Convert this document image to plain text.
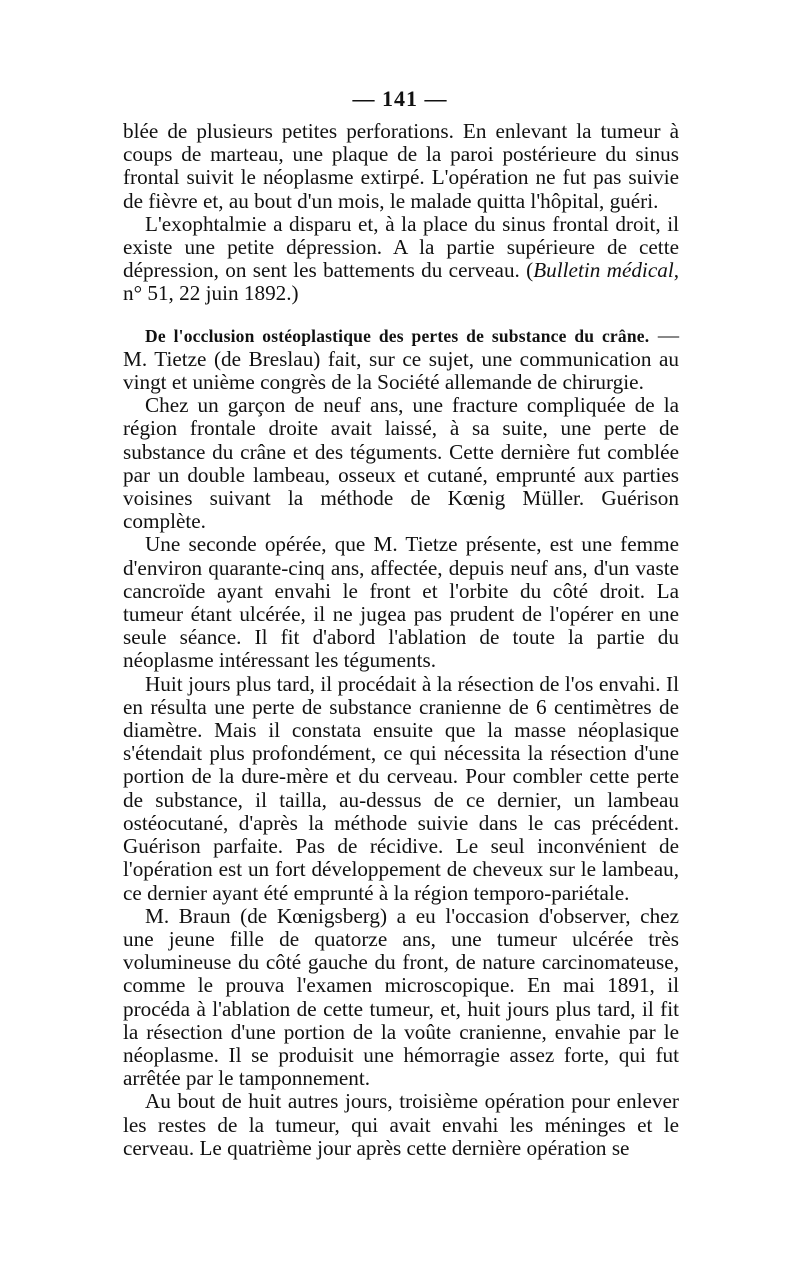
— 141 —

blée de plusieurs petites perforations. En enlevant la tumeur à coups de marteau, une plaque de la paroi postérieure du sinus frontal suivit le néoplasme extirpé. L'opération ne fut pas suivie de fièvre et, au bout d'un mois, le malade quitta l'hôpital, guéri.

L'exophtalmie a disparu et, à la place du sinus frontal droit, il existe une petite dépression. A la partie supérieure de cette dépression, on sent les battements du cerveau. (Bulletin médical, n° 51, 22 juin 1892.)

De l'occlusion ostéoplastique des pertes de substance du crâne. — M. Tietze (de Breslau) fait, sur ce sujet, une communication au vingt et unième congrès de la Société allemande de chirurgie.

Chez un garçon de neuf ans, une fracture compliquée de la région frontale droite avait laissé, à sa suite, une perte de substance du crâne et des téguments. Cette dernière fut comblée par un double lambeau, osseux et cutané, emprunté aux parties voisines suivant la méthode de Kœnig Müller. Guérison complète.

Une seconde opérée, que M. Tietze présente, est une femme d'environ quarante-cinq ans, affectée, depuis neuf ans, d'un vaste cancroïde ayant envahi le front et l'orbite du côté droit. La tumeur étant ulcérée, il ne jugea pas prudent de l'opérer en une seule séance. Il fit d'abord l'ablation de toute la partie du néoplasme intéressant les téguments.

Huit jours plus tard, il procédait à la résection de l'os envahi. Il en résulta une perte de substance cranienne de 6 centimètres de diamètre. Mais il constata ensuite que la masse néoplasique s'étendait plus profondément, ce qui nécessita la résection d'une portion de la dure-mère et du cerveau. Pour combler cette perte de substance, il tailla, au-dessus de ce dernier, un lambeau ostéocutané, d'après la méthode suivie dans le cas précédent. Guérison parfaite. Pas de récidive. Le seul inconvénient de l'opération est un fort développement de cheveux sur le lambeau, ce dernier ayant été emprunté à la région temporo-pariétale.

M. Braun (de Kœnigsberg) a eu l'occasion d'observer, chez une jeune fille de quatorze ans, une tumeur ulcérée très volumineuse du côté gauche du front, de nature carcinomateuse, comme le prouva l'examen microscopique. En mai 1891, il procéda à l'ablation de cette tumeur, et, huit jours plus tard, il fit la résection d'une portion de la voûte cranienne, envahie par le néoplasme. Il se produisit une hémorragie assez forte, qui fut arrêtée par le tamponnement.

Au bout de huit autres jours, troisième opération pour enlever les restes de la tumeur, qui avait envahi les méninges et le cerveau. Le quatrième jour après cette dernière opération se
